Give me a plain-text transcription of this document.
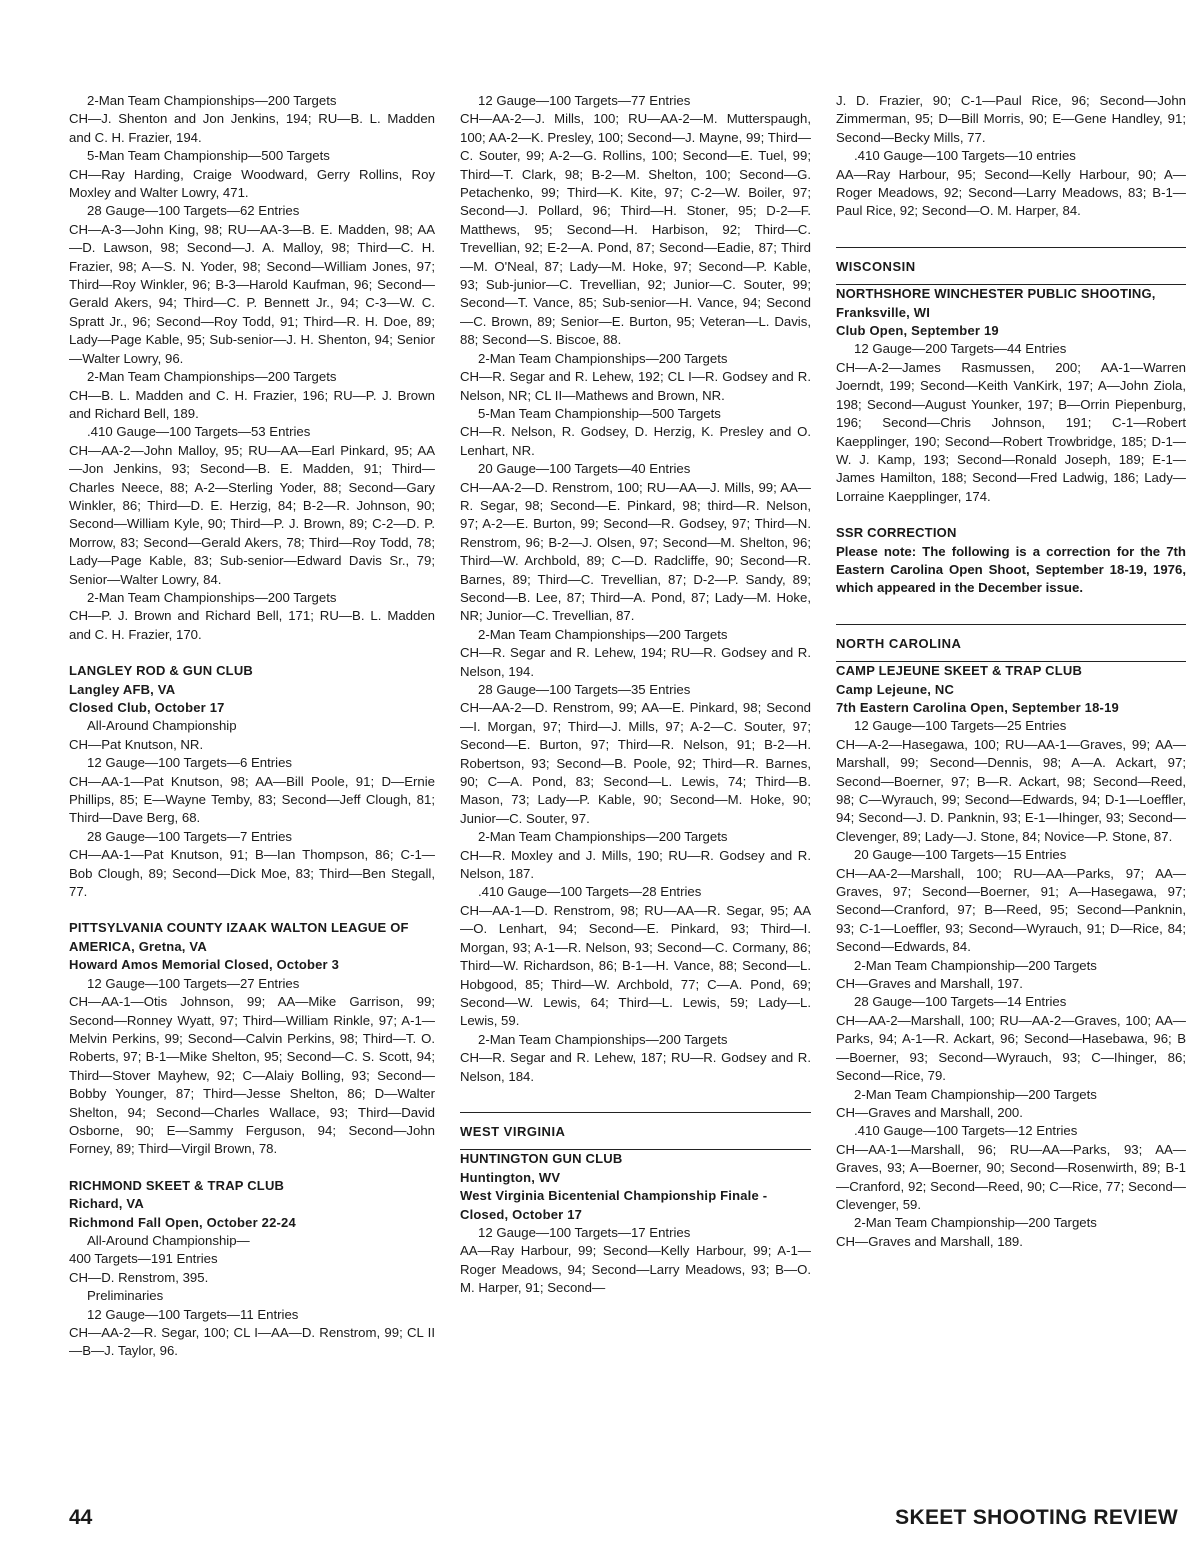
2-Man Team Championships—200 Targets

CH—J. Shenton and Jon Jenkins, 194; RU—B. L. Madden and C. H. Frazier, 194.

5-Man Team Championship—500 Targets

CH—Ray Harding, Craige Woodward, Gerry Rollins, Roy Moxley and Walter Lowry, 471.

28 Gauge—100 Targets—62 Entries

CH—A-3—John King, 98; RU—AA-3—B. E. Madden, 98; AA—D. Lawson, 98; Second—J. A. Malloy, 98; Third—C. H. Frazier, 98; A—S. N. Yoder, 98; Second—William Jones, 97; Third—Roy Winkler, 96; B-3—Harold Kaufman, 96; Second—Gerald Akers, 94; Third—C. P. Bennett Jr., 94; C-3—W. C. Spratt Jr., 96; Second—Roy Todd, 91; Third—R. H. Doe, 89; Lady—Page Kable, 95; Sub-senior—J. H. Shenton, 94; Senior—Walter Lowry, 96.

2-Man Team Championships—200 Targets

CH—B. L. Madden and C. H. Frazier, 196; RU—P. J. Brown and Richard Bell, 189.

.410 Gauge—100 Targets—53 Entries

CH—AA-2—John Malloy, 95; RU—AA—Earl Pinkard, 95; AA—Jon Jenkins, 93; Second—B. E. Madden, 91; Third—Charles Neece, 88; A-2—Sterling Yoder, 88; Second—Gary Winkler, 86; Third—D. E. Herzig, 84; B-2—R. Johnson, 90; Second—William Kyle, 90; Third—P. J. Brown, 89; C-2—D. P. Morrow, 83; Second—Gerald Akers, 78; Third—Roy Todd, 78; Lady—Page Kable, 83; Sub-senior—Edward Davis Sr., 79; Senior—Walter Lowry, 84.

2-Man Team Championships—200 Targets

CH—P. J. Brown and Richard Bell, 171; RU—B. L. Madden and C. H. Frazier, 170.

LANGLEY ROD & GUN CLUB

Langley AFB, VA

Closed Club, October 17

All-Around Championship

CH—Pat Knutson, NR.

12 Gauge—100 Targets—6 Entries

CH—AA-1—Pat Knutson, 98; AA—Bill Poole, 91; D—Ernie Phillips, 85; E—Wayne Temby, 83; Second—Jeff Clough, 81; Third—Dave Berg, 68.

28 Gauge—100 Targets—7 Entries

CH—AA-1—Pat Knutson, 91; B—Ian Thompson, 86; C-1—Bob Clough, 89; Second—Dick Moe, 83; Third—Ben Stegall, 77.

PITTSYLVANIA COUNTY IZAAK WALTON LEAGUE OF AMERICA, Gretna, VA

Howard Amos Memorial Closed, October 3

12 Gauge—100 Targets—27 Entries

CH—AA-1—Otis Johnson, 99; AA—Mike Garrison, 99; Second—Ronney Wyatt, 97; Third—William Rinkle, 97; A-1—Melvin Perkins, 99; Second—Calvin Perkins, 98; Third—T. O. Roberts, 97; B-1—Mike Shelton, 95; Second—C. S. Scott, 94; Third—Stover Mayhew, 92; C—Alaiy Bolling, 93; Second—Bobby Younger, 87; Third—Jesse Shelton, 86; D—Walter Shelton, 94; Second—Charles Wallace, 93; Third—David Osborne, 90; E—Sammy Ferguson, 94; Second—John Forney, 89; Third—Virgil Brown, 78.

RICHMOND SKEET & TRAP CLUB

Richard, VA

Richmond Fall Open, October 22-24

All-Around Championship—

400 Targets—191 Entries

CH—D. Renstrom, 395.

Preliminaries

12 Gauge—100 Targets—11 Entries

CH—AA-2—R. Segar, 100; CL I—AA—D. Renstrom, 99; CL II—B—J. Taylor, 96.

12 Gauge—100 Targets—77 Entries

CH—AA-2—J. Mills, 100; RU—AA-2—M. Mutterspaugh, 100; AA-2—K. Presley, 100; Second—J. Mayne, 99; Third—C. Souter, 99; A-2—G. Rollins, 100; Second—E. Tuel, 99; Third—T. Clark, 98; B-2—M. Shelton, 100; Second—G. Petachenko, 99; Third—K. Kite, 97; C-2—W. Boiler, 97; Second—J. Pollard, 96; Third—H. Stoner, 95; D-2—F. Matthews, 95; Second—H. Harbison, 92; Third—C. Trevellian, 92; E-2—A. Pond, 87; Second—Eadie, 87; Third—M. O'Neal, 87; Lady—M. Hoke, 97; Second—P. Kable, 93; Sub-junior—C. Trevellian, 92; Junior—C. Souter, 99; Second—T. Vance, 85; Sub-senior—H. Vance, 94; Second—C. Brown, 89; Senior—E. Burton, 95; Veteran—L. Davis, 88; Second—S. Biscoe, 88.

2-Man Team Championships—200 Targets

CH—R. Segar and R. Lehew, 192; CL I—R. Godsey and R. Nelson, NR; CL II—Mathews and Brown, NR.

5-Man Team Championship—500 Targets

CH—R. Nelson, R. Godsey, D. Herzig, K. Presley and O. Lenhart, NR.

20 Gauge—100 Targets—40 Entries

CH—AA-2—D. Renstrom, 100; RU—AA—J. Mills, 99; AA—R. Segar, 98; Second—E. Pinkard, 98; third—R. Nelson, 97; A-2—E. Burton, 99; Second—R. Godsey, 97; Third—N. Renstrom, 96; B-2—J. Olsen, 97; Second—M. Shelton, 96; Third—W. Archbold, 89; C—D. Radcliffe, 90; Second—R. Barnes, 89; Third—C. Trevellian, 87; D-2—P. Sandy, 89; Second—B. Lee, 87; Third—A. Pond, 87; Lady—M. Hoke, NR; Junior—C. Trevellian, 87.

2-Man Team Championships—200 Targets

CH—R. Segar and R. Lehew, 194; RU—R. Godsey and R. Nelson, 194.

28 Gauge—100 Targets—35 Entries

CH—AA-2—D. Renstrom, 99; AA—E. Pinkard, 98; Second—I. Morgan, 97; Third—J. Mills, 97; A-2—C. Souter, 97; Second—E. Burton, 97; Third—R. Nelson, 91; B-2—H. Robertson, 93; Second—B. Poole, 92; Third—R. Barnes, 90; C—A. Pond, 83; Second—L. Lewis, 74; Third—B. Mason, 73; Lady—P. Kable, 90; Second—M. Hoke, 90; Junior—C. Souter, 97.

2-Man Team Championships—200 Targets

CH—R. Moxley and J. Mills, 190; RU—R. Godsey and R. Nelson, 187.

.410 Gauge—100 Targets—28 Entries

CH—AA-1—D. Renstrom, 98; RU—AA—R. Segar, 95; AA—O. Lenhart, 94; Second—E. Pinkard, 93; Third—I. Morgan, 93; A-1—R. Nelson, 93; Second—C. Cormany, 86; Third—W. Richardson, 86; B-1—H. Vance, 88; Second—L. Hobgood, 85; Third—W. Archbold, 77; C—A. Pond, 69; Second—W. Lewis, 64; Third—L. Lewis, 59; Lady—L. Lewis, 59.

2-Man Team Championships—200 Targets

CH—R. Segar and R. Lehew, 187; RU—R. Godsey and R. Nelson, 184.

WEST VIRGINIA

HUNTINGTON GUN CLUB

Huntington, WV

West Virginia Bicentenial Championship Finale - Closed, October 17

12 Gauge—100 Targets—17 Entries

AA—Ray Harbour, 99; Second—Kelly Harbour, 99; A-1—Roger Meadows, 94; Second—Larry Meadows, 93; B—O. M. Harper, 91; Second—

J. D. Frazier, 90; C-1—Paul Rice, 96; Second—John Zimmerman, 95; D—Bill Morris, 90; E—Gene Handley, 91; Second—Becky Mills, 77.

.410 Gauge—100 Targets—10 entries

AA—Ray Harbour, 95; Second—Kelly Harbour, 90; A—Roger Meadows, 92; Second—Larry Meadows, 83; B-1—Paul Rice, 92; Second—O. M. Harper, 84.

WISCONSIN

NORTHSHORE WINCHESTER PUBLIC SHOOTING, Franksville, WI

Club Open, September 19

12 Gauge—200 Targets—44 Entries

CH—A-2—James Rasmussen, 200; AA-1—Warren Joerndt, 199; Second—Keith VanKirk, 197; A—John Ziola, 198; Second—August Younker, 197; B—Orrin Piepenburg, 196; Second—Chris Johnson, 191; C-1—Robert Kaepplinger, 190; Second—Robert Trowbridge, 185; D-1—W. J. Kamp, 193; Second—Ronald Joseph, 189; E-1—James Hamilton, 188; Second—Fred Ladwig, 186; Lady—Lorraine Kaepplinger, 174.

SSR CORRECTION

Please note: The following is a correction for the 7th Eastern Carolina Open Shoot, September 18-19, 1976, which appeared in the December issue.

NORTH CAROLINA

CAMP LEJEUNE SKEET & TRAP CLUB

Camp Lejeune, NC

7th Eastern Carolina Open, September 18-19

12 Gauge—100 Targets—25 Entries

CH—A-2—Hasegawa, 100; RU—AA-1—Graves, 99; AA—Marshall, 99; Second—Dennis, 98; A—A. Ackart, 97; Second—Boerner, 97; B—R. Ackart, 98; Second—Reed, 98; C—Wyrauch, 99; Second—Edwards, 94; D-1—Loeffler, 94; Second—J. D. Panknin, 93; E-1—Ihinger, 93; Second—Clevenger, 89; Lady—J. Stone, 84; Novice—P. Stone, 87.

20 Gauge—100 Targets—15 Entries

CH—AA-2—Marshall, 100; RU—AA—Parks, 97; AA—Graves, 97; Second—Boerner, 91; A—Hasegawa, 97; Second—Cranford, 97; B—Reed, 95; Second—Panknin, 93; C-1—Loeffler, 93; Second—Wyrauch, 91; D—Rice, 84; Second—Edwards, 84.

2-Man Team Championship—200 Targets

CH—Graves and Marshall, 197.

28 Gauge—100 Targets—14 Entries

CH—AA-2—Marshall, 100; RU—AA-2—Graves, 100; AA—Parks, 94; A-1—R. Ackart, 96; Second—Hasebawa, 96; B—Boerner, 93; Second—Wyrauch, 93; C—Ihinger, 86; Second—Rice, 79.

2-Man Team Championship—200 Targets

CH—Graves and Marshall, 200.

.410 Gauge—100 Targets—12 Entries

CH—AA-1—Marshall, 96; RU—AA—Parks, 93; AA—Graves, 93; A—Boerner, 90; Second—Rosenwirth, 89; B-1—Cranford, 92; Second—Reed, 90; C—Rice, 77; Second—Clevenger, 59.

2-Man Team Championship—200 Targets

CH—Graves and Marshall, 189.

44	SKEET SHOOTING REVIEW
